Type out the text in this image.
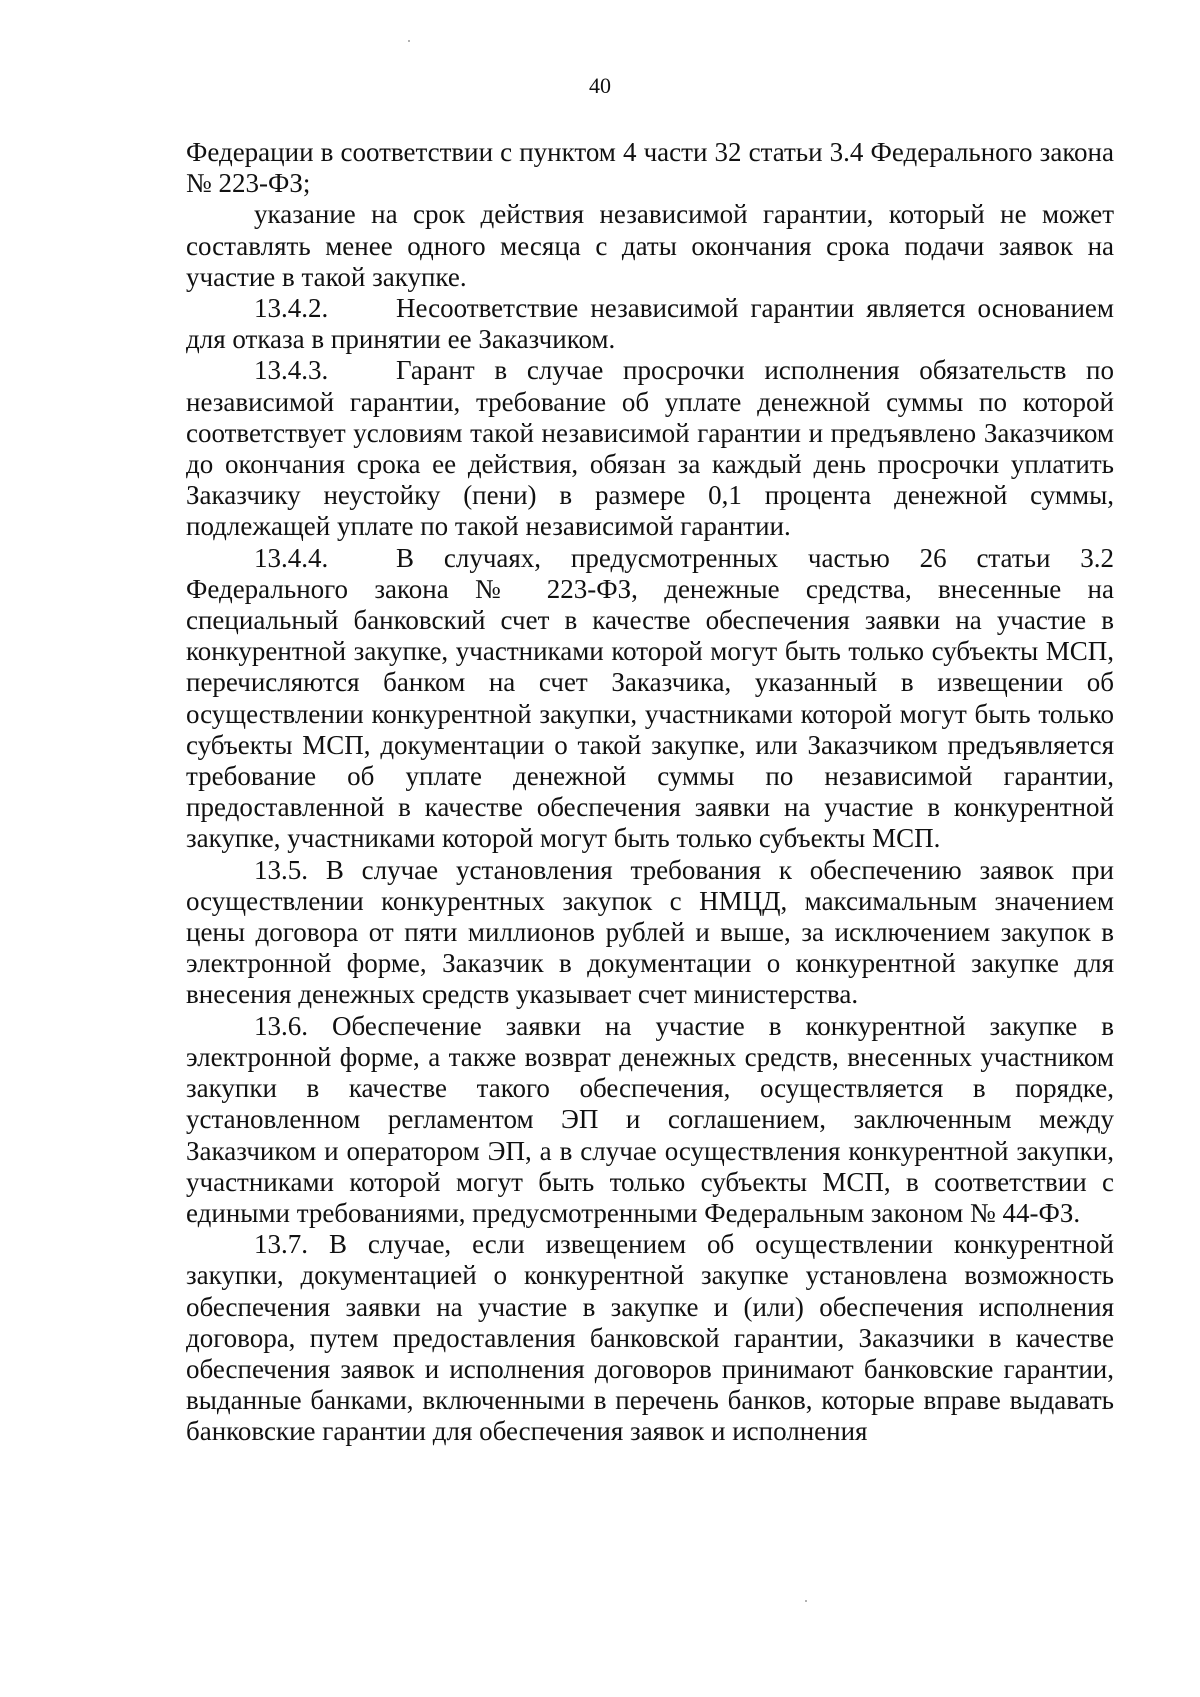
40

Федерации в соответствии с пунктом 4 части 32 статьи 3.4 Федерального закона № 223-ФЗ;

указание на срок действия независимой гарантии, который не может составлять менее одного месяца с даты окончания срока подачи заявок на участие в такой закупке.

13.4.2.	Несоответствие независимой гарантии является основанием для отказа в принятии ее Заказчиком.

13.4.3.	Гарант в случае просрочки исполнения обязательств по независимой гарантии, требование об уплате денежной суммы по которой соответствует условиям такой независимой гарантии и предъявлено Заказчиком до окончания срока ее действия, обязан за каждый день просрочки уплатить Заказчику неустойку (пени) в размере 0,1 процента денежной суммы, подлежащей уплате по такой независимой гарантии.

13.4.4.	В случаях, предусмотренных частью 26 статьи 3.2 Федерального закона № 223-ФЗ, денежные средства, внесенные на специальный банковский счет в качестве обеспечения заявки на участие в конкурентной закупке, участниками которой могут быть только субъекты МСП, перечисляются банком на счет Заказчика, указанный в извещении об осуществлении конкурентной закупки, участниками которой могут быть только субъекты МСП, документации о такой закупке, или Заказчиком предъявляется требование об уплате денежной суммы по независимой гарантии, предоставленной в качестве обеспечения заявки на участие в конкурентной закупке, участниками которой могут быть только субъекты МСП.

13.5. В случае установления требования к обеспечению заявок при осуществлении конкурентных закупок с НМЦД, максимальным значением цены договора от пяти миллионов рублей и выше, за исключением закупок в электронной форме, Заказчик в документации о конкурентной закупке для внесения денежных средств указывает счет министерства.

13.6. Обеспечение заявки на участие в конкурентной закупке в электронной форме, а также возврат денежных средств, внесенных участником закупки в качестве такого обеспечения, осуществляется в порядке, установленном регламентом ЭП и соглашением, заключенным между Заказчиком и оператором ЭП, а в случае осуществления конкурентной закупки, участниками которой могут быть только субъекты МСП, в соответствии с едиными требованиями, предусмотренными Федеральным законом № 44-ФЗ.

13.7. В случае, если извещением об осуществлении конкурентной закупки, документацией о конкурентной закупке установлена возможность обеспечения заявки на участие в закупке и (или) обеспечения исполнения договора, путем предоставления банковской гарантии, Заказчики в качестве обеспечения заявок и исполнения договоров принимают банковские гарантии, выданные банками, включенными в перечень банков, которые вправе выдавать банковские гарантии для обеспечения заявок и исполнения
